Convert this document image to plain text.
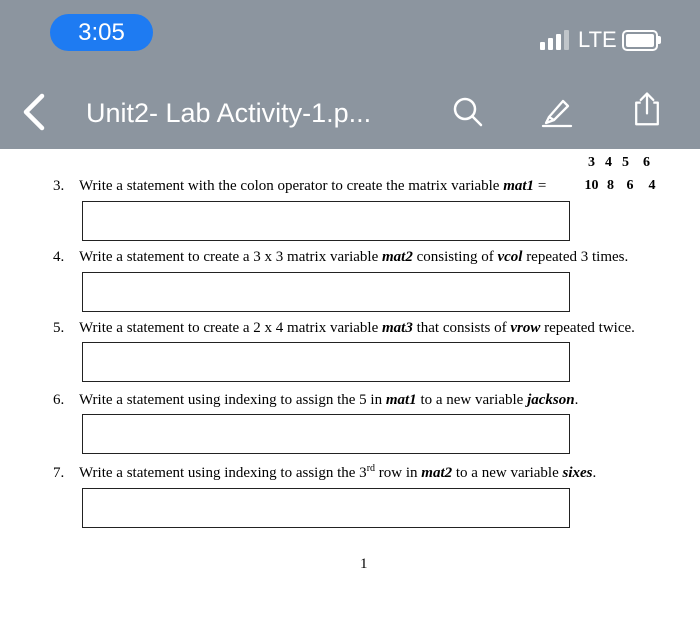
3:05	LTE
Unit2- Lab Activity-1.p...
3 4 5 6
10 8 6 4
3. Write a statement with the colon operator to create the matrix variable mat1 =
4. Write a statement to create a 3 x 3 matrix variable mat2 consisting of vcol repeated 3 times.
5. Write a statement to create a 2 x 4 matrix variable mat3 that consists of vrow repeated twice.
6. Write a statement using indexing to assign the 5 in mat1 to a new variable jackson.
7. Write a statement using indexing to assign the 3rd row in mat2 to a new variable sixes.
1
